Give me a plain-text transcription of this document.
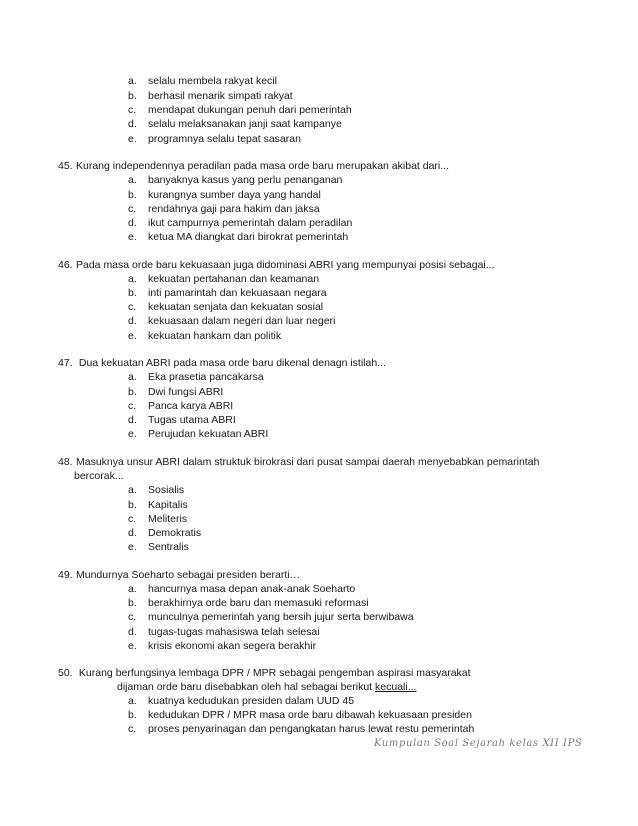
a. selalu membela rakyat kecil
b. berhasil menarik simpati rakyat
c. mendapat dukungan penuh dari pemerintah
d. selalu melaksanakan janji saat kampanye
e. programnya selalu tepat sasaran
45. Kurang independennya peradilan pada masa orde baru merupakan akibat dari...
a. banyaknya kasus yang perlu penanganan
b. kurangnya sumber daya yang handal
c. rendahnya gaji para hakim dan jaksa
d. ikut campurnya pemerintah dalam peradilan
e. ketua MA diangkat dari birokrat pemerintah
46. Pada masa orde baru kekuasaan juga didominasi ABRI yang mempunyai posisi sebagai...
a. kekuatan pertahanan dan keamanan
b. inti pamarintah dan kekuasaan negara
c. kekuatan senjata dan kekuatan sosial
d. kekuasaan dalam negeri dan luar negeri
e. kekuatan hankam dan politik
47. Dua kekuatan ABRI pada masa orde baru dikenal denagn istilah...
a. Eka prasetia pancakarsa
b. Dwi fungsi ABRI
c. Panca karya ABRI
d. Tugas utama ABRI
e. Perujudan kekuatan ABRI
48. Masuknya unsur ABRI dalam struktuk birokrasi dari pusat sampai daerah menyebabkan pemarintah
bercorak...
a. Sosialis
b. Kapitalis
c. Meliteris
d. Demokratis
e. Sentralis
49. Mundurnya Soeharto sebagai presiden berarti…
a. hancurnya masa depan anak-anak Soeharto
b. berakhirnya orde baru dan memasuki reformasi
c. munculnya pemerintah yang bersih jujur serta berwibawa
d. tugas-tugas mahasiswa telah selesai
e. krisis ekonomi akan segera berakhir
50. Kurang berfungsinya lembaga DPR / MPR sebagai pengemban aspirasi masyarakat
dijaman orde baru disebabkan oleh hal sebagai berikut kecuali...
a. kuatnya kedudukan presiden dalam UUD 45
b. kedudukan DPR / MPR masa orde baru dibawah kekuasaan presiden
c. proses penyarinagan dan pengangkatan harus lewat restu pemerintah
Kumpulan Soal Sejarah kelas XII IPS
